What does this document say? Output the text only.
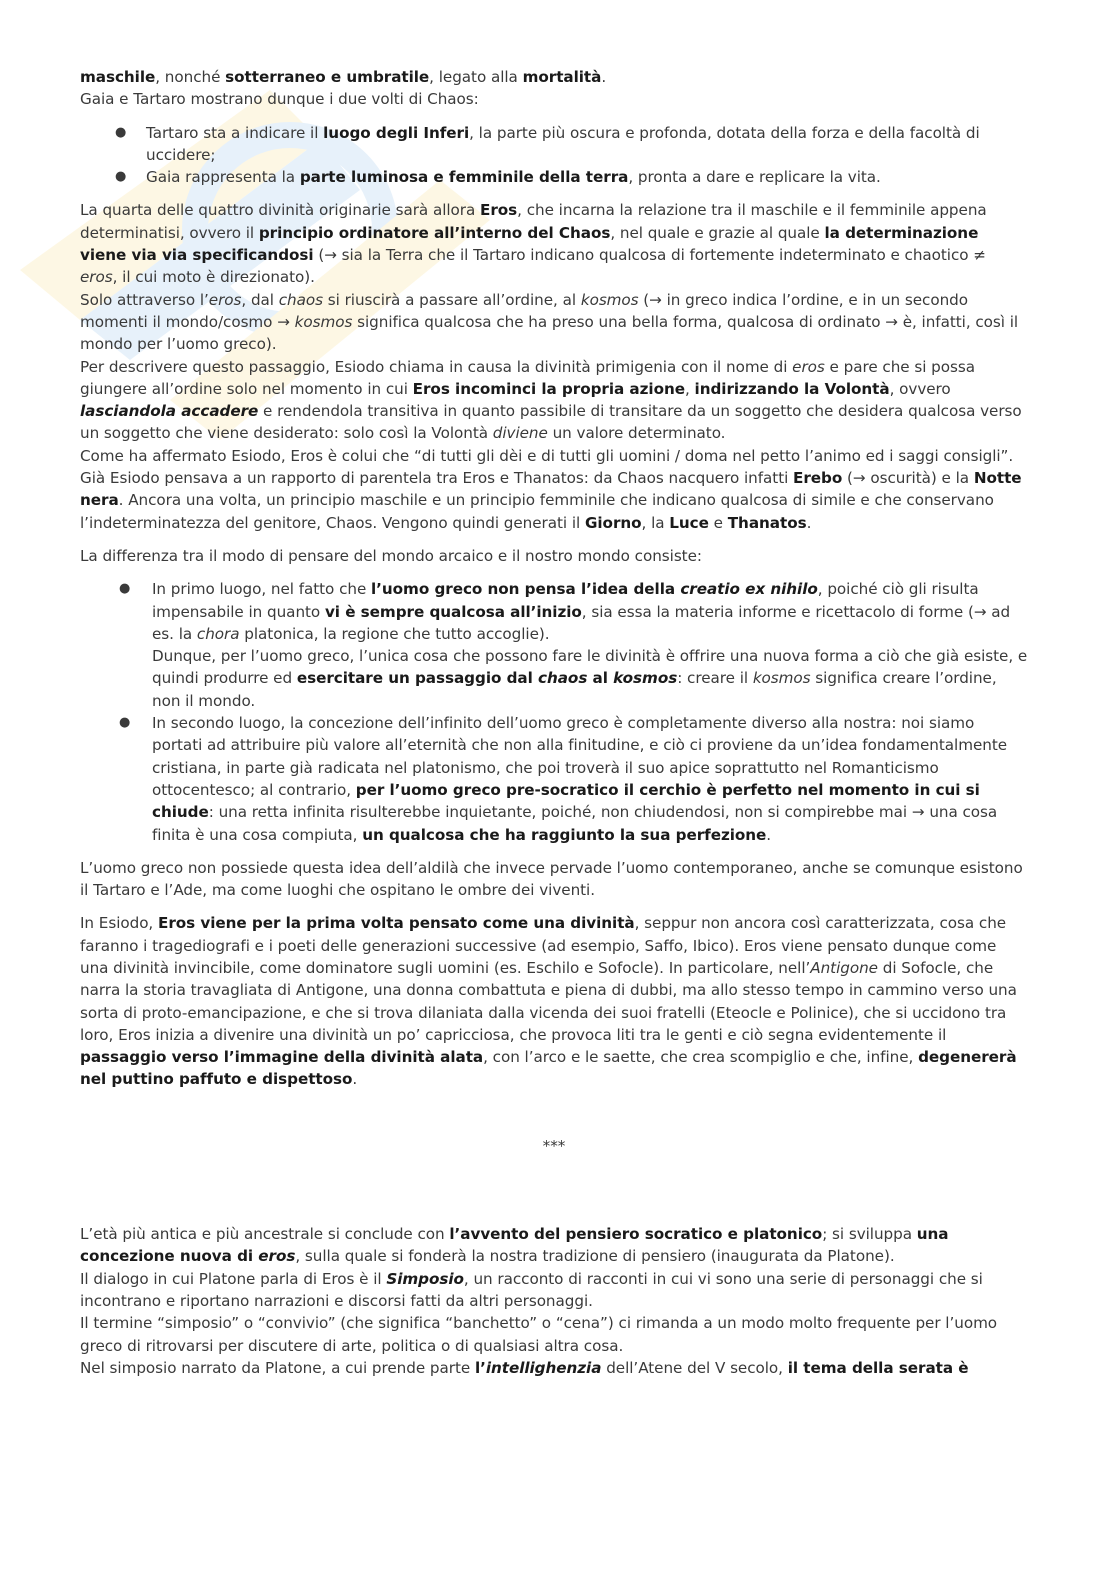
maschile, nonché sotterraneo e umbratile, legato alla mortalità.

Gaia e Tartaro mostrano dunque i due volti di Chaos:

● Tartaro sta a indicare il luogo degli Inferi, la parte più oscura e profonda, dotata della forza e della facoltà di uccidere;
● Gaia rappresenta la parte luminosa e femminile della terra, pronta a dare e replicare la vita.

La quarta delle quattro divinità originarie sarà allora Eros, che incarna la relazione tra il maschile e il femminile appena determinatisi, ovvero il principio ordinatore all’interno del Chaos, nel quale e grazie al quale la determinazione viene via via specificandosi (→ sia la Terra che il Tartaro indicano qualcosa di fortemente indeterminato e chaotico ≠ eros, il cui moto è direzionato).

Solo attraverso l’eros, dal chaos si riuscirà a passare all’ordine, al kosmos (→ in greco indica l’ordine, e in un secondo momenti il mondo/cosmo → kosmos significa qualcosa che ha preso una bella forma, qualcosa di ordinato → è, infatti, così il mondo per l’uomo greco).

Per descrivere questo passaggio, Esiodo chiama in causa la divinità primigenia con il nome di eros e pare che si possa giungere all’ordine solo nel momento in cui Eros incominci la propria azione, indirizzando la Volontà, ovvero lasciandola accadere e rendendola transitiva in quanto passibile di transitare da un soggetto che desidera qualcosa verso un soggetto che viene desiderato: solo così la Volontà diviene un valore determinato.

Come ha affermato Esiodo, Eros è colui che “di tutti gli dèi e di tutti gli uomini / doma nel petto l’animo ed i saggi consigli”.

Già Esiodo pensava a un rapporto di parentela tra Eros e Thanatos: da Chaos nacquero infatti Erebo (→ oscurità) e la Notte nera. Ancora una volta, un principio maschile e un principio femminile che indicano qualcosa di simile e che conservano l’indeterminatezza del genitore, Chaos. Vengono quindi generati il Giorno, la Luce e Thanatos.

La differenza tra il modo di pensare del mondo arcaico e il nostro mondo consiste:

● In primo luogo, nel fatto che l’uomo greco non pensa l’idea della creatio ex nihilo, poiché ciò gli risulta impensabile in quanto vi è sempre qualcosa all’inizio, sia essa la materia informe e ricettacolo di forme (→ ad es. la chora platonica, la regione che tutto accoglie).
Dunque, per l’uomo greco, l’unica cosa che possono fare le divinità è offrire una nuova forma a ciò che già esiste, e quindi produrre ed esercitare un passaggio dal chaos al kosmos: creare il kosmos significa creare l’ordine, non il mondo.
● In secondo luogo, la concezione dell’infinito dell’uomo greco è completamente diverso alla nostra: noi siamo portati ad attribuire più valore all’eternità che non alla finitudine, e ciò ci proviene da un’idea fondamentalmente cristiana, in parte già radicata nel platonismo, che poi troverà il suo apice soprattutto nel Romanticismo ottocentesco; al contrario, per l’uomo greco pre-socratico il cerchio è perfetto nel momento in cui si chiude: una retta infinita risulterebbe inquietante, poiché, non chiudendosi, non si compirebbe mai → una cosa finita è una cosa compiuta, un qualcosa che ha raggiunto la sua perfezione.

L’uomo greco non possiede questa idea dell’aldilà che invece pervade l’uomo contemporaneo, anche se comunque esistono il Tartaro e l’Ade, ma come luoghi che ospitano le ombre dei viventi.

In Esiodo, Eros viene per la prima volta pensato come una divinità, seppur non ancora così caratterizzata, cosa che faranno i tragediografi e i poeti delle generazioni successive (ad esempio, Saffo, Ibico). Eros viene pensato dunque come una divinità invincibile, come dominatore sugli uomini (es. Eschilo e Sofocle). In particolare, nell’Antigone di Sofocle, che narra la storia travagliata di Antigone, una donna combattuta e piena di dubbi, ma allo stesso tempo in cammino verso una sorta di proto-emancipazione, e che si trova dilaniata dalla vicenda dei suoi fratelli (Eteocle e Polinice), che si uccidono tra loro, Eros inizia a divenire una divinità un po’ capricciosa, che provoca liti tra le genti e ciò segna evidentemente il passaggio verso l’immagine della divinità alata, con l’arco e le saette, che crea scompiglio e che, infine, degenererà nel puttino paffuto e dispettoso.

***

L’età più antica e più ancestrale si conclude con l’avvento del pensiero socratico e platonico; si sviluppa una concezione nuova di eros, sulla quale si fonderà la nostra tradizione di pensiero (inaugurata da Platone).

Il dialogo in cui Platone parla di Eros è il Simposio, un racconto di racconti in cui vi sono una serie di personaggi che si incontrano e riportano narrazioni e discorsi fatti da altri personaggi.

Il termine “simposio” o “convivio” (che significa “banchetto” o “cena”) ci rimanda a un modo molto frequente per l’uomo greco di ritrovarsi per discutere di arte, politica o di qualsiasi altra cosa.

Nel simposio narrato da Platone, a cui prende parte l’intellighenzia dell’Atene del V secolo, il tema della serata è
